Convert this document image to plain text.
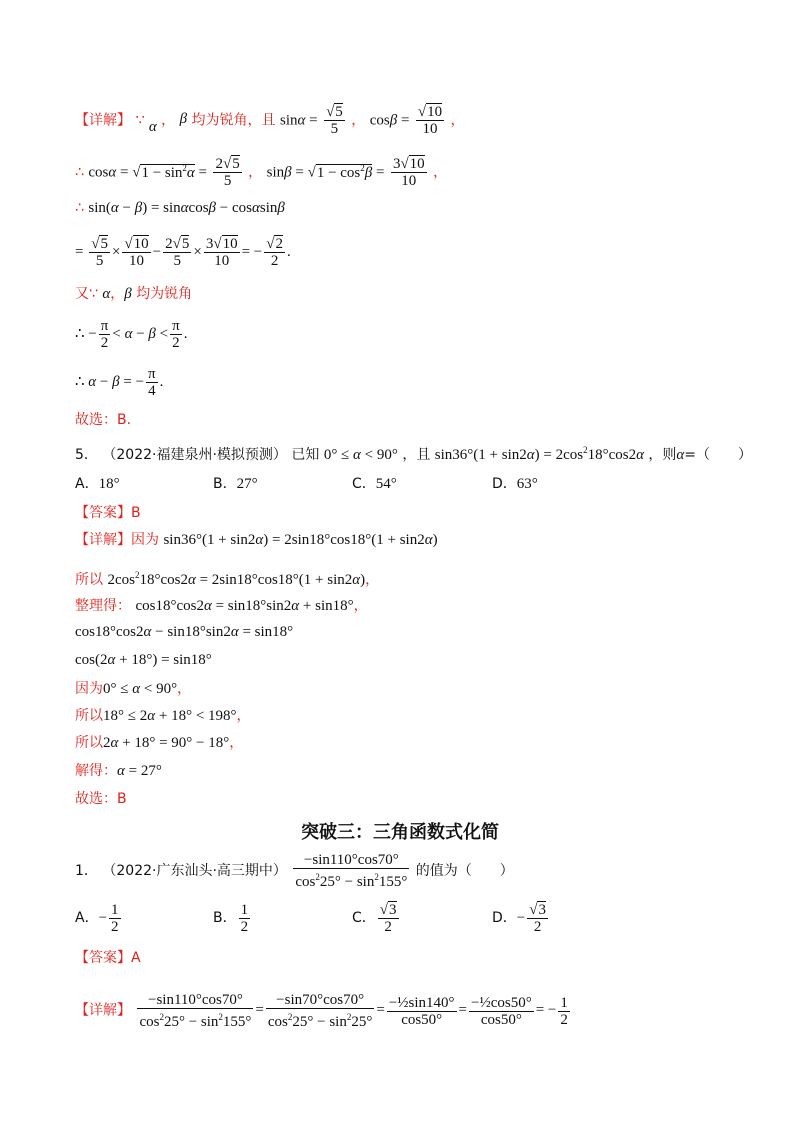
【详解】 ∵ α ， β 均为锐角，且 $\sin\alpha = \frac{√5}{5}$ ， $\cos\beta = \frac{√10}{10}$ ，
∴ $\cos\alpha = √1 - \sin^2\alpha = \frac{2√5}{5}$ ， $\sin\beta = √1 - \cos^2\beta = \frac{3√10}{10}$ ，
∴ sin(α − β) = sinαcosβ − cosαsinβ
= $\frac{√5}{5} \times \frac{√10}{10} - \frac{2√5}{5} \times \frac{3√10}{10}$ = − $\frac{√2}{2}$ .
又∵ α，β 均为锐角
∴ − $\frac{\pi}{2} < \alpha - \beta < \frac{\pi}{2}$ .
∴ α − β = − $\frac{\pi}{4}$ .
故选：B.
5． （2022·福建泉州·模拟预测） 已知 0° ≤ α < 90° ，且 $\sin 36^\circ(1 + \sin 2\alpha) = 2\cos^218^\circ\cos 2\alpha$ ，则α=（　　）
A．18°	B．27°	C．54°	D．63°
【答案】B
【详解】因为 sin36°(1 + sin2α) = 2sin18°cos18°(1 + sin2α)
所以 $2\cos^218^\circ\cos 2\alpha = 2\sin 18^\circ\cos 18^\circ(1 + \sin 2\alpha)$，
整理得： cos18°cos2α = sin18°sin2α + sin18°，
cos18°cos2α − sin18°sin2α = sin18°
cos(2α + 18°) = sin18°
因为0° ≤ α < 90°，
所以18° ≤ 2α + 18° < 198°，
所以2α + 18° = 90° − 18°，
解得：α = 27°
故选：B
突破三：三角函数式化简
1． （2022·广东汕头·高三期中） $\frac{-\sin 110^\circ\cos 70^\circ}{\cos^225^\circ - \sin^2155^\circ}$ 的值为（　　）
A．− $\frac{1}{2}$	B． $\frac{1}{2}$	C． $\frac{√3}{2}$	D．− $\frac{√3}{2}$
【答案】A
【详解】 $\frac{-\sin 110^\circ\cos 70^\circ}{\cos^225^\circ - \sin^2155^\circ} = \frac{-\sin 70^\circ\cos 70^\circ}{\cos^225^\circ - \sin^225^\circ} = \frac{\text{−½sin140°}}{\cos 50^\circ} = \frac{\text{−½cos50°}}{\cos 50^\circ}$ = − $\frac{1}{2}$
